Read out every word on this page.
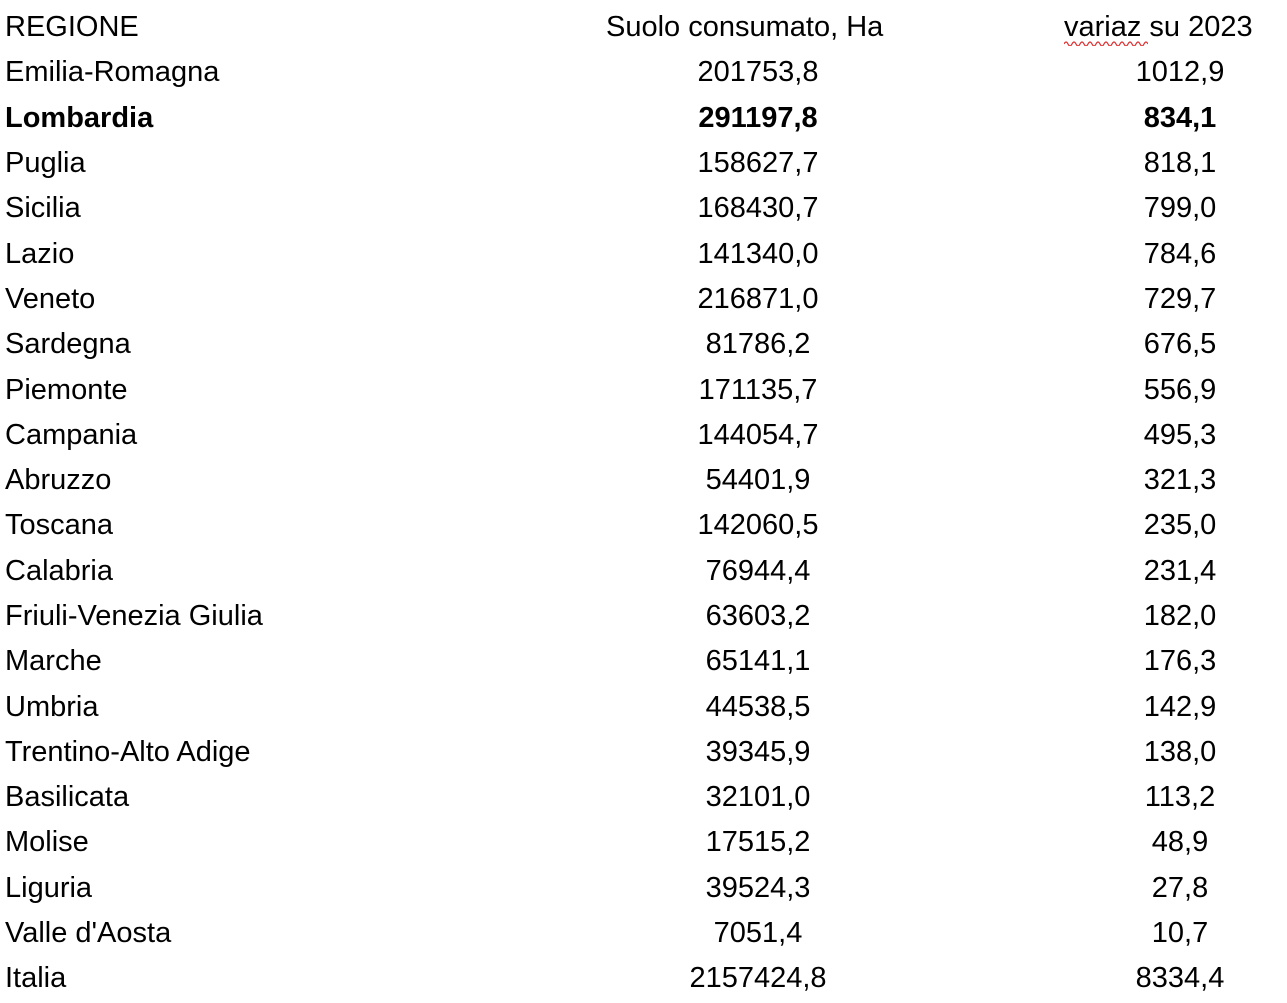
REGIONE	Suolo consumato, Ha	variaz su 2023

Emilia-Romagna	201753,8	1012,9
Lombardia	291197,8	834,1
Puglia	158627,7	818,1
Sicilia	168430,7	799,0
Lazio	141340,0	784,6
Veneto	216871,0	729,7
Sardegna	81786,2	676,5
Piemonte	171135,7	556,9
Campania	144054,7	495,3
Abruzzo	54401,9	321,3
Toscana	142060,5	235,0
Calabria	76944,4	231,4
Friuli-Venezia Giulia	63603,2	182,0
Marche	65141,1	176,3
Umbria	44538,5	142,9
Trentino-Alto Adige	39345,9	138,0
Basilicata	32101,0	113,2
Molise	17515,2	48,9
Liguria	39524,3	27,8
Valle d'Aosta	7051,4	10,7
Italia	2157424,8	8334,4
